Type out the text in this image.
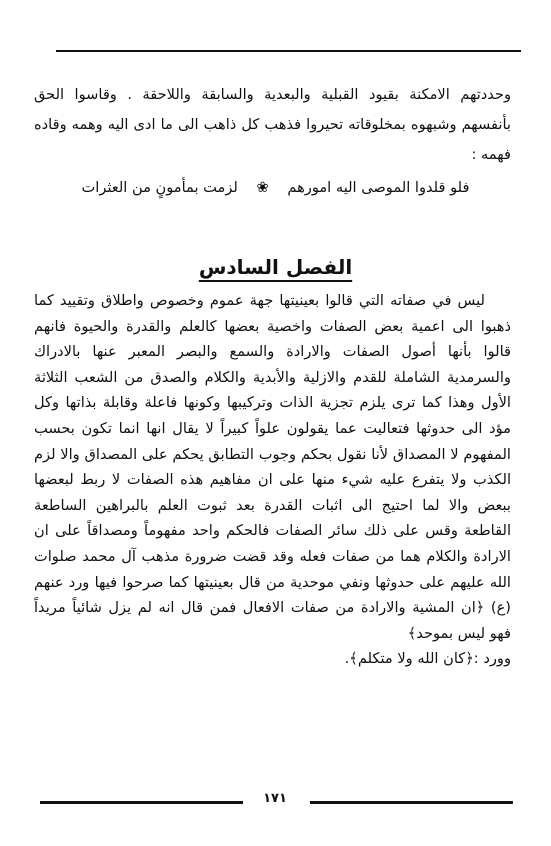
وحددتهم الامكنة بقيود القبلية والبعدية والسابقة واللاحقة . وقاسوا الحق بأنفسهم وشبهوه بمخلوقاته تحيروا فذهب كل ذاهب الى ما ادى اليه وهمه وقاده فهمه :
فلو قلدوا الموصى اليه امورهم ❀ لزمت بمأمونٍ من العثرات
الفصل السادس

ليس في صفاته التي قالوا بعينيتها جهة عموم وخصوص واطلاق وتقييد كما ذهبوا الى اعمية بعض الصفات واخصية بعضها كالعلم والقدرة والحيوة فانهم قالوا بأنها أصول الصفات والارادة والسمع والبصر المعبر عنها بالادراك والسرمدية الشاملة للقدم والازلية والأبدية والكلام والصدق من الشعب الثلاثة الأول وهذا كما ترى يلزم تجزية الذات وتركيبها وكونها فاعلة وقابلة بذاتها وكل مؤد الى حدوثها فتعاليت عما يقولون علواً كبيراً لا يقال انها انما تكون بحسب المفهوم لا المصداق لأنا نقول بحكم وجوب التطابق يحكم على المصداق والا لزم الكذب ولا يتفرع عليه شيء منها على ان مفاهيم هذه الصفات لا ربط لبعضها ببعض والا لما احتيج الى اثبات القدرة بعد ثبوت العلم بالبراهين الساطعة القاطعة وقس على ذلك سائر الصفات فالحكم واحد مفهوماً ومصداقاً على ان الارادة والكلام هما من صفات فعله وقد قضت ضرورة مذهب آل محمد صلوات الله عليهم على حدوثها ونفي موحدية من قال بعينيتها كما صرحوا فيها ورد عنهم (ع) ﴿ان المشية والارادة من صفات الافعال فمن قال انه لم يزل شائياً مريداً فهو ليس بموحد﴾

وورد :﴿كان الله ولا متكلم﴾.

١٧١
